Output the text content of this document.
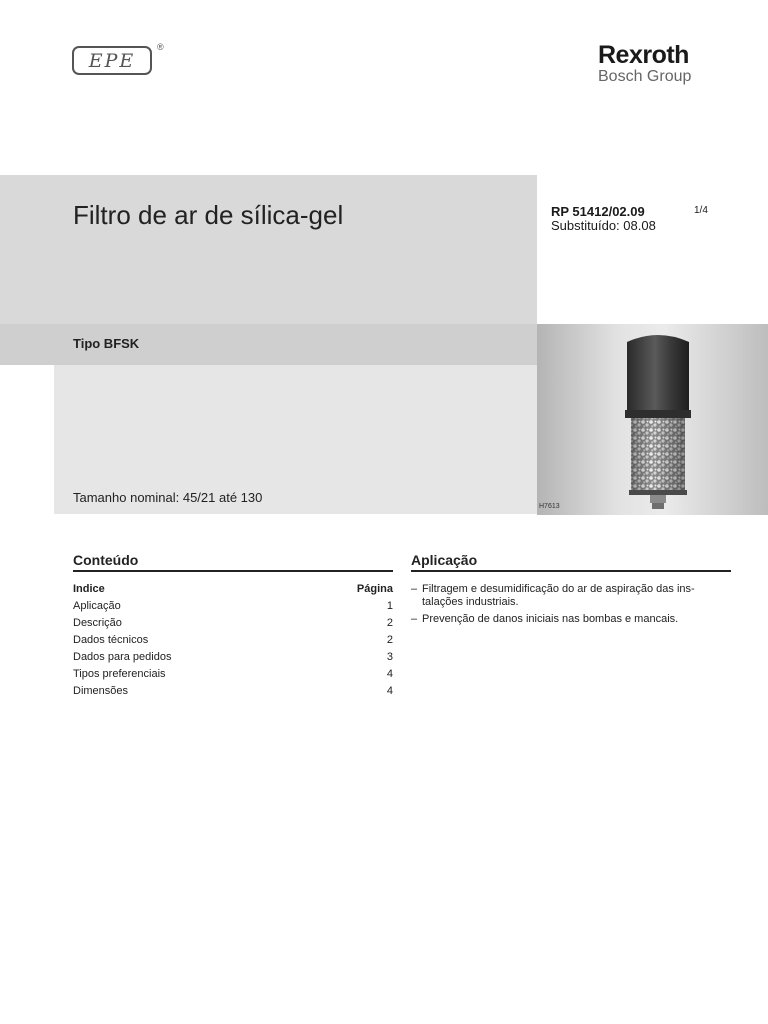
EPE
®	Rexroth
Bosch Group
Filtro de ar de sílica-gel
Tipo BFSK
Tamanho nominal: 45/21 até 130
RP 51412/02.09
Substituído: 08.08
1/4
H7613
Conteúdo
Indice	Página
Aplicação	1
Descrição	2
Dados técnicos	2
Dados para pedidos	3
Tipos preferenciais	4
Dimensões	4
Aplicação
– Filtragem e desumidificação do ar de aspiração das ins-
talações industriais.
– Prevenção de danos iniciais nas bombas e mancais.
